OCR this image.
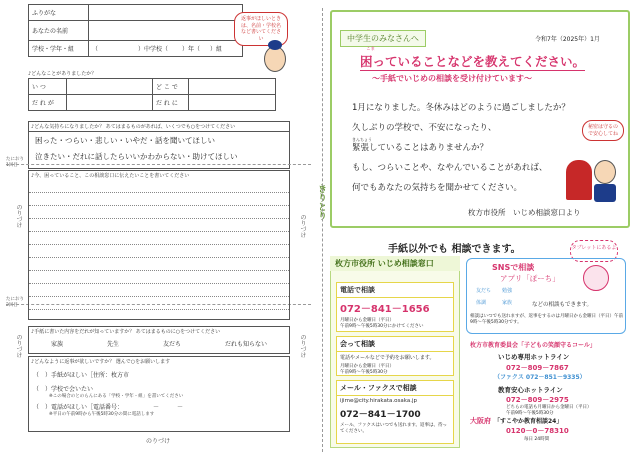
ふりがな	
あなたの名前	
学校・学年・組	（ ）中学校（ ）年（ ）組
返事がほしいときは、名前・学校名など書いてください
♪どんなことがありましたか？
い つ		ど こ で	
だ れ が		だ れ に	
♪どんな気持ちになりましたか？ あてはまるものがあれば、いくつでも○をつけてください
困った・つらい・悲しい・いやだ・話を聞いてほしい
泣きたい・だれに話したらいいかわからない・助けてほしい
たにおり
1回目
たにおり
2回目
♪今、困っていること、この相談窓口に伝えたいことを書いてください
のりづけ
のりづけ
のりづけ
のりづけ
きりとり
♪手紙に書いた内容をだれが知っていますか？ あてはまるものに○をつけてください
家族	先生	友だち	だれも知らない
♪どんなように返事が欲しいですか？ 選んで○をお願いします
（　）手紙がほしい［住所：枚方市
（　）学校で会いたい
※この場合のとのらんにある「学校・学年・組」を書いてください
（　）電話がほしい［電話番号：	－　　　－
※平日の午前9時から午後5時30分の間に電話します
のりづけ
中学生のみなさんへ	令和7年（2025年）1月
こま
困っていることなどを教えてください。
～手紙でいじめの相談を受け付けています～
1月になりました。冬休みはどのように過ごしましたか？
久しぶりの学校で、不安になったり、
きんちょう
緊張していることはありませんか？
もし、つらいことや、なやんでいることがあれば、
何でもあなたの気持ちを聞かせてください。
枚方市役所　いじめ相談窓口より
秘密は守るので安心してね
手紙以外でも 相談できます。	タブレットにあるよ
枚方市役所 いじめ相談窓口
電話で相談
072－841－1656
月曜日から金曜日（平日）
午前9時～午後5時30分にかけてください
会って相談
電話やメールなどで予約をお願いします。
月曜日から金曜日（平日）
午前9時～午後5時30分
メール・ファクスで相談
ijime@city.hirakata.osaka.jp
072－841－1700
メール、ファクスはいつでも送れます。返事は、待ってください。
SNSで相談
アプリ「ぽーち」
友だち	勉強
体調	家族	などの相談もできます。
相談はいつでも送れますが、返事をするのは月曜日から金曜日（平日）午前9時～午後5時30分です。
枚方市教育委員会「子どもの笑顔守るコール」
いじめ専用ホットライン
072－809－7867
（ファクス 072－851－9335）
教育安心ホットライン
072－809－2975
どちらの電話も月曜日から金曜日（平日）
午前9時～午後5時30分
大阪府 「すこやか教育相談24」
0120－0－78310
毎日 24時間
